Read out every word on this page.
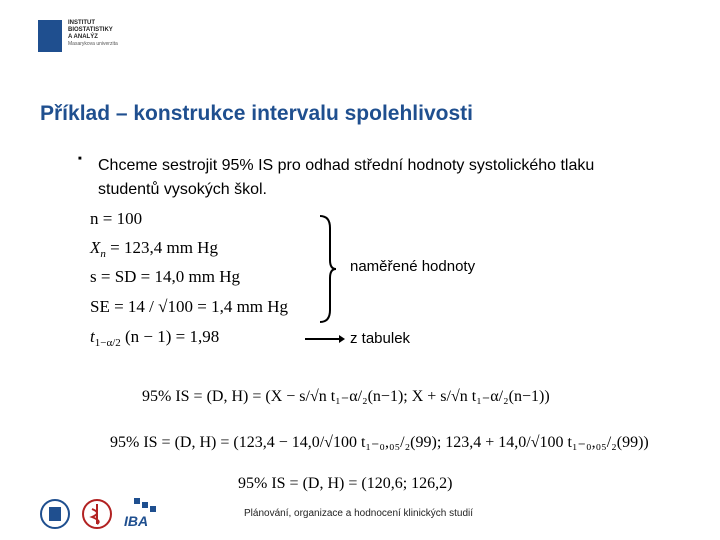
INSTITUT
BIOSTATISTIKY
A ANALÝZ
Masarykova univerzita
Příklad – konstrukce intervalu spolehlivosti
■ Chceme sestrojit 95% IS pro odhad střední hodnoty systolického tlaku studentů vysokých škol.
n = 100
$X_n = 123,4$ mm Hg
s = SD = 14,0 mm Hg
SE = 14 / √100 = 1,4 mm Hg
$t_{1-\alpha/2}$ (n − 1) = 1,98
naměřené hodnoty
z tabulek
95% IS = (D, H) = (X − s/√n t₁₋α/₂(n−1); X + s/√n t₁₋α/₂(n−1))
95% IS = (D, H) = (123,4 − 14,0/√100 t₁₋₀,₀₅/₂(99); 123,4 + 14,0/√100 t₁₋₀,₀₅/₂(99))
95% IS = (D, H) = (120,6; 126,2)
IBA	Plánování, organizace a hodnocení klinických studií
